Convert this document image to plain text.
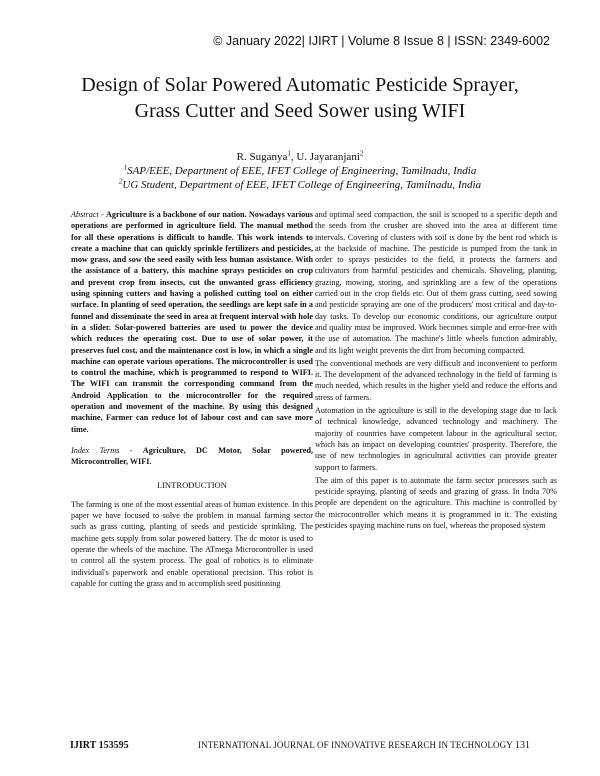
© January 2022| IJIRT | Volume 8 Issue 8 | ISSN: 2349-6002
Design of Solar Powered Automatic Pesticide Sprayer,
Grass Cutter and Seed Sower using WIFI
R. Suganya$^1$, U. Jayaranjani$^2$
$^1$SAP/EEE, Department of EEE, IFET College of Engineering, Tamilnadu, India
$^2$UG Student, Department of EEE, IFET College of Engineering, Tamilnadu, India

Abstract - Agriculture is a backbone of our nation. Nowadays various operations are performed in agriculture field. The manual method for all these operations is difficult to handle. This work intends to create a machine that can quickly sprinkle fertilizers and pesticides, mow grass, and sow the seed easily with less human assistance. With the assistance of a battery, this machine sprays pesticides on crop and prevent crop from insects, cut the unwanted grass efficiency using spinning cutters and having a polished cutting tool on either surface. In planting of seed operation, the seedlings are kept safe in a funnel and disseminate the seed in area at frequent interval with hole in a slider. Solar-powered batteries are used to power the device which reduces the operating cost. Due to use of solar power, it preserves fuel cost, and the maintenance cost is low, in which a single machine can operate various operations. The microcontroller is used to control the machine, which is programmed to respond to WIFI. The WIFI can transmit the corresponding command from the Android Application to the microcontroller for the required operation and movement of the machine. By using this designed machine, Farmer can reduce lot of labour cost and can save more time.

Index Terms - Agriculture, DC Motor, Solar powered, Microcontroller, WIFI.

I.INTRODUCTION

The farming is one of the most essential areas of human existence. In this paper we have focused to solve the problem in manual farming sector such as grass cutting, planting of seeds and pesticide sprinkling. The machine gets supply from solar powered battery. The dc motor is used to operate the wheels of the machine. The ATmega Microcontroller is used to control all the system process. The goal of robotics is to eliminate individual's paperwork and enable operational precision. This robot is capable for cutting the grass and to accomplish seed positioning

and optimal seed compaction, the soil is scooped to a specific depth and the seeds from the crusher are shoved into the area at different time intervals. Covering of clusters with soil is done by the bent rod which is at the backside of machine. The pesticide is pumped from the tank in order to sprays pesticides to the field, it protects the farmers and cultivators from harmful pesticides and chemicals. Shoveling, planting, grazing, mowing, storing, and sprinkling are a few of the operations carried out in the crop fields etc. Out of them grass cutting, seed sowing and pesticide spraying are one of the producers' most critical and day-to-day tasks. To develop our economic conditions, our agriculture output and quality must be improved. Work becomes simple and error-free with the use of automation. The machine's little wheels function admirably, and its light weight prevents the dirt from becoming compacted.

The conventional methods are very difficult and inconvenient to perform it. The development of the advanced technology in the field of farming is much needed, which results in the higher yield and reduce the efforts and stress of farmers.

Automation in the agriculture is still in the developing stage due to lack of technical knowledge, advanced technology and machinery. The majority of countries have competent labour in the agricultural sector, which has an impact on developing countries' prosperity. Therefore, the use of new technologies in agricultural activities can provide greater support to farmers.

The aim of this paper is to automate the farm sector processes such as pesticide spraying, planting of seeds and grazing of grass. In India 70% people are dependent on the agriculture. This machine is controlled by the microcontroller which means it is programmed in it. The existing pesticides spaying machine runs on fuel, whereas the proposed system

IJIRT 153595	INTERNATIONAL JOURNAL OF INNOVATIVE RESEARCH IN TECHNOLOGY 131
